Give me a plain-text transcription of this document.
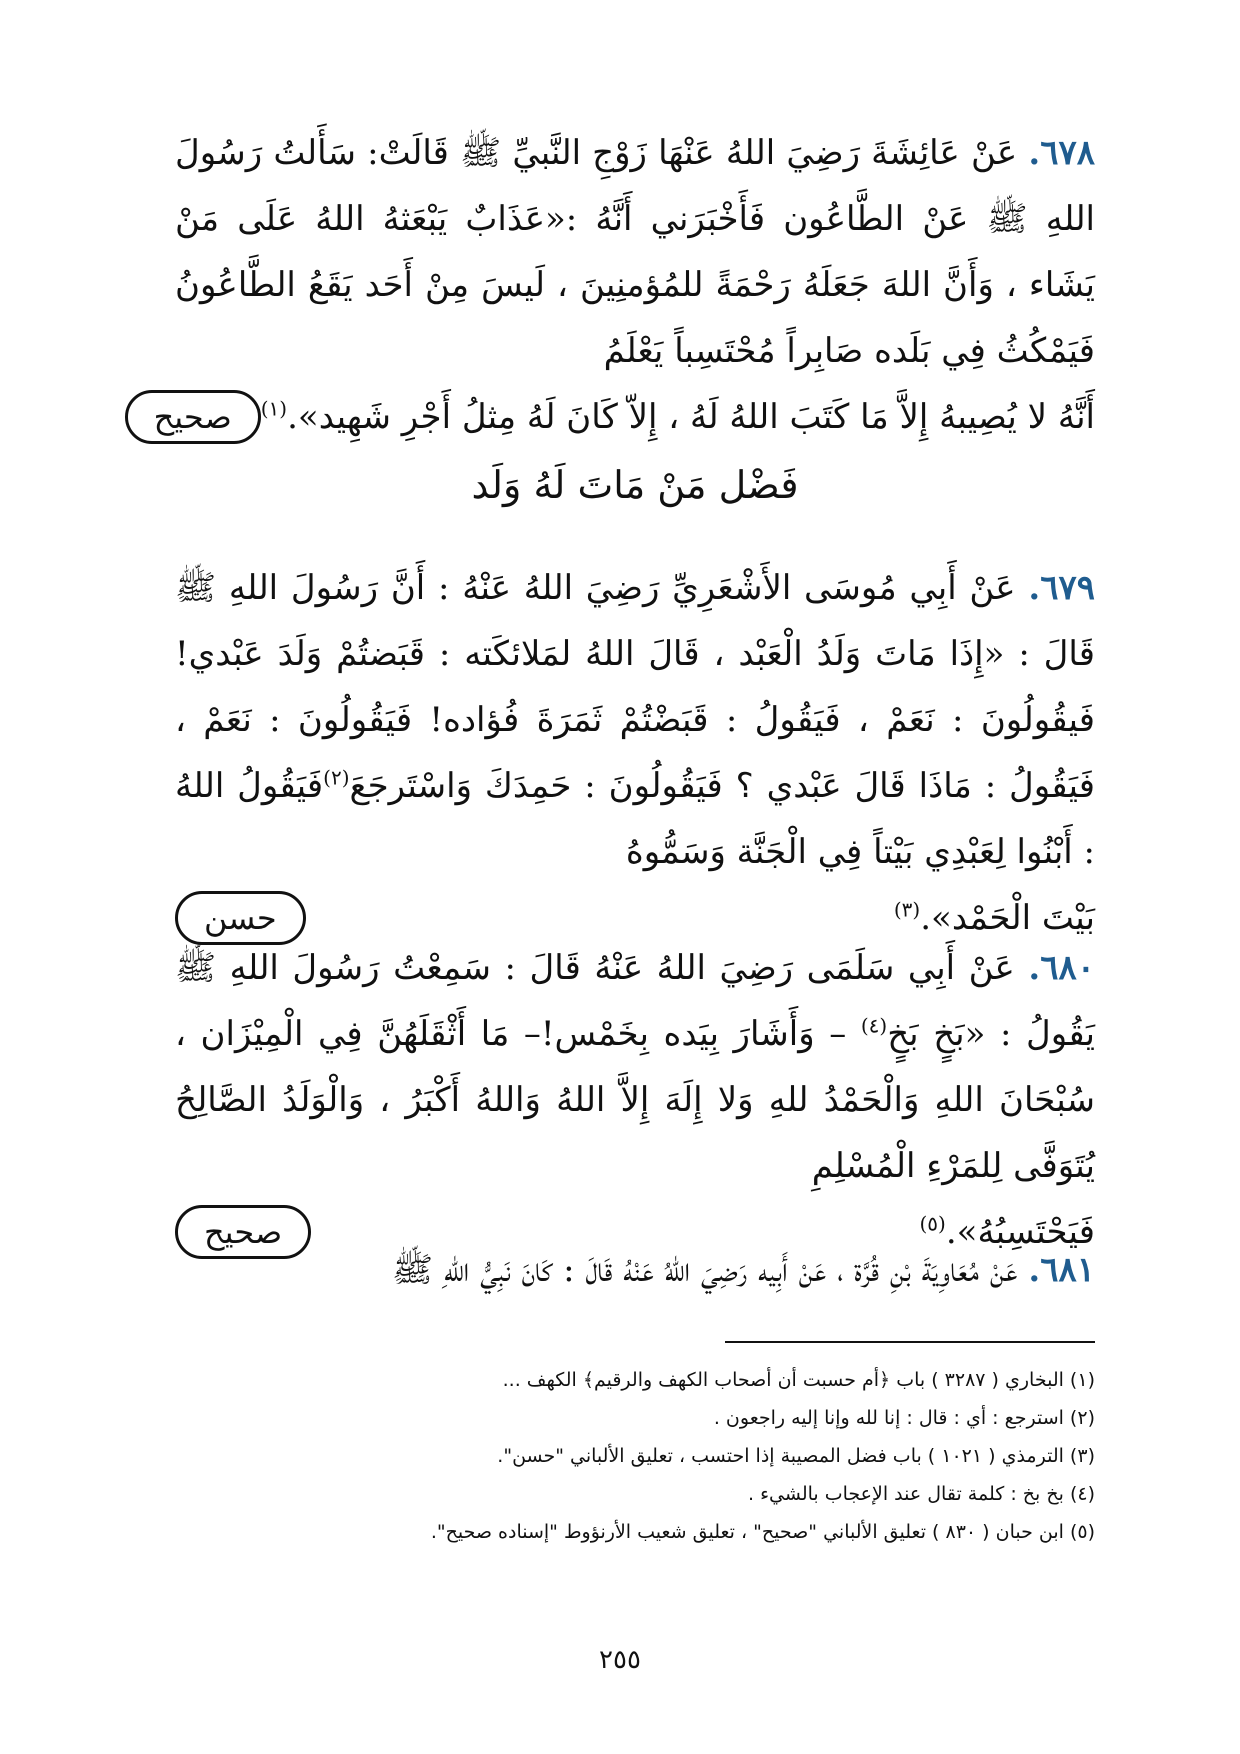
٦٧٨. عَنْ عَائِشَةَ رَضِيَ اللهُ عَنْهَا زَوْجِ النَّبيِّ ﷺ قَالَتْ: سَأَلتُ رَسُولَ اللهِ ﷺ عَنْ الطَّاعُون فَأَخْبَرَني أَنَّهُ :«عَذَابٌ يَبْعَثهُ اللهُ عَلَى مَنْ يَشَاء ، وَأَنَّ اللهَ جَعَلَهُ رَحْمَةً للمُؤمنِينَ ، لَيسَ مِنْ أَحَد يَقَعُ الطَّاعُونُ فَيَمْكُثُ فِي بَلَده صَابِراً مُحْتَسِباً يَعْلَمُ
أَنَّهُ لا يُصِيبهُ إِلاَّ مَا كَتَبَ اللهُ لَهُ ، إِلاّ كَانَ لَهُ مِثلُ أَجْرِ شَهِيد».$^{(١)}$
صحيح
فَضْل مَنْ مَاتَ لَهُ وَلَد
٦٧٩. عَنْ أَبِي مُوسَى الأَشْعَرِيِّ رَضِيَ اللهُ عَنْهُ : أَنَّ رَسُولَ اللهِ ﷺ قَالَ : «إِذَا مَاتَ وَلَدُ الْعَبْد ، قَالَ اللهُ لمَلائكَته : قَبَضتُمْ وَلَدَ عَبْدي! فَيقُولُونَ : نَعَمْ ، فَيَقُولُ : قَبَضْتُمْ ثَمَرَةَ فُؤاده! فَيَقُولُونَ : نَعَمْ ، فَيَقُولُ : مَاذَا قَالَ عَبْدي ؟ فَيَقُولُونَ : حَمِدَكَ وَاسْتَرجَعَ$^{(٢)}$فَيَقُولُ اللهُ : أَبْنُوا لِعَبْدِي بَيْتاً فِي الْجَنَّة وَسَمُّوهُ
بَيْتَ الْحَمْد».$^{(٣)}$
حسن
٦٨٠. عَنْ أَبِي سَلَمَى رَضِيَ اللهُ عَنْهُ قَالَ : سَمِعْتُ رَسُولَ اللهِ ﷺ يَقُولُ : «بَخٍ بَخٍ$^{(٤)}$ – وَأَشَارَ بِيَده بِخَمْس!– مَا أَثْقَلَهُنَّ فِي الْمِيْزَان ، سُبْحَانَ اللهِ وَالْحَمْدُ للهِ وَلا إِلَهَ إِلاَّ اللهُ وَاللهُ أَكْبَرُ ، وَالْوَلَدُ الصَّالِحُ يُتَوَفَّى لِلمَرْءِ الْمُسْلِمِ
فَيَحْتَسِبُهُ».$^{(٥)}$
صحيح
٦٨١. عَنْ مُعَاوِيَةَ بْنِ قُرَّة ، عَنْ أَبِيه رَضِيَ اللهُ عَنْهُ قَالَ : كَانَ نَبِيُّ اللهِ ﷺ

(١) البخاري ( ٣٢٨٧ ) باب ﴿أم حسبت أن أصحاب الكهف والرقيم﴾ الكهف ...

(٢) استرجع : أي : قال : إنا لله وإنا إليه راجعون .

(٣) الترمذي ( ١٠٢١ ) باب فضل المصيبة إذا احتسب ، تعليق الألباني "حسن".

(٤) بخ بخ : كلمة تقال عند الإعجاب بالشيء .

(٥) ابن حبان ( ٨٣٠ ) تعليق الألباني "صحيح" ، تعليق شعيب الأرنؤوط "إسناده صحيح".

٢٥٥
